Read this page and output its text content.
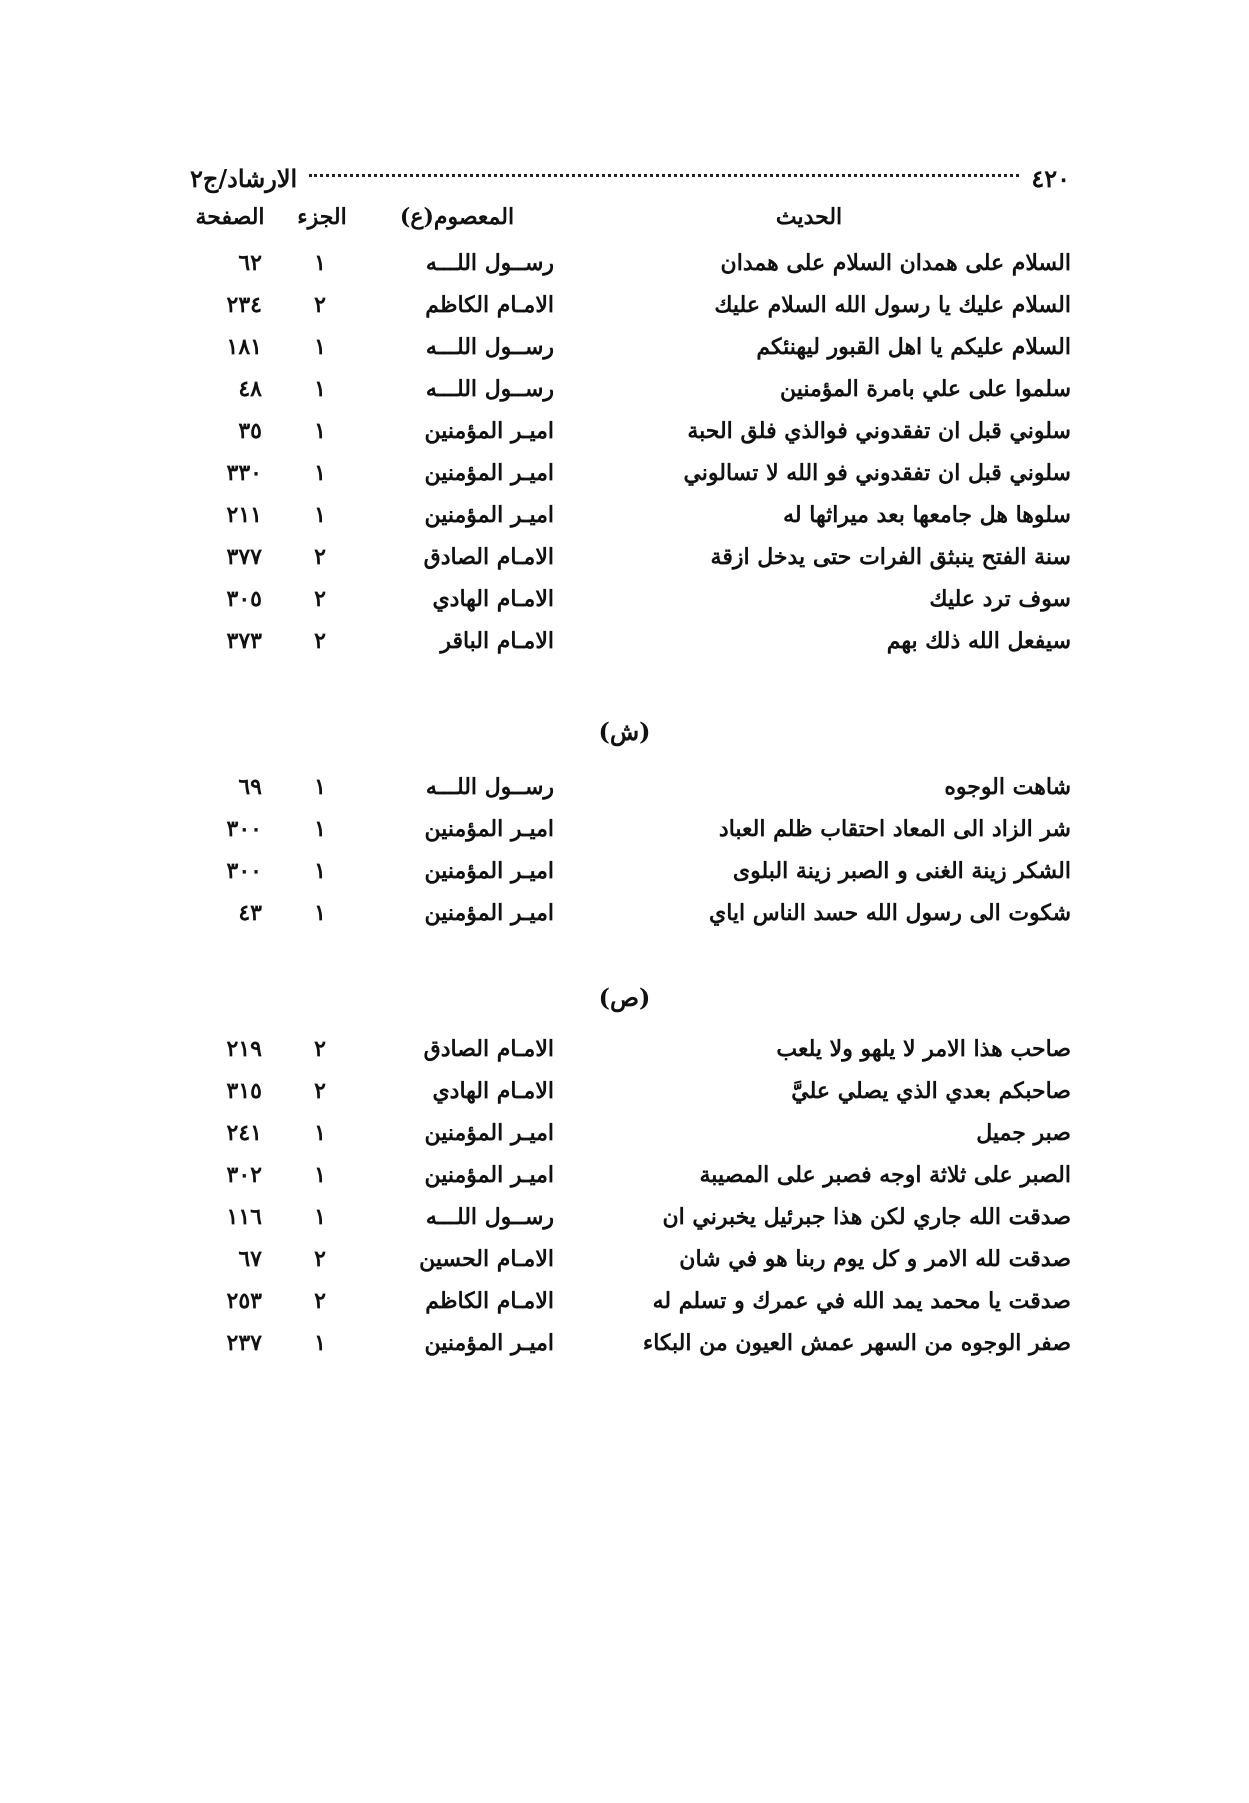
٤٢٠
الارشاد/ج٢
الحديث
المعصوم(ع)
الجزء
الصفحة
السلام على همدان السلام على همدان
رســول اللـــه
١
٦٢
السلام عليك يا رسول الله السلام عليك
الامـام الكاظم
٢
٢٣٤
السلام عليكم يا اهل القبور ليهنئكم
رســول اللـــه
١
١٨١
سلموا على علي بامرة المؤمنين
رســول اللـــه
١
٤٨
سلوني قبل ان تفقدوني فوالذي فلق الحبة
اميـر المؤمنين
١
٣٥
سلوني قبل ان تفقدوني فو الله لا تسالوني
اميـر المؤمنين
١
٣٣٠
سلوها هل جامعها بعد ميراثها له
اميـر المؤمنين
١
٢١١
سنة الفتح ينبثق الفرات حتى يدخل ازقة
الامـام الصادق
٢
٣٧٧
سوف ترد عليك
الامـام الهادي
٢
٣٠٥
سيفعل الله ذلك بهم
الامـام الباقر
٢
٣٧٣
(ش)
شاهت الوجوه
رســول اللـــه
١
٦٩
شر الزاد الى المعاد احتقاب ظلم العباد
اميـر المؤمنين
١
٣٠٠
الشكر زينة الغنى و الصبر زينة البلوى
اميـر المؤمنين
١
٣٠٠
شكوت الى رسول الله حسد الناس اياي
اميـر المؤمنين
١
٤٣
(ص)
صاحب هذا الامر لا يلهو ولا يلعب
الامـام الصادق
٢
٢١٩
صاحبكم بعدي الذي يصلي عليَّ
الامـام الهادي
٢
٣١٥
صبر جميل
اميـر المؤمنين
١
٢٤١
الصبر على ثلاثة اوجه فصبر على المصيبة
اميـر المؤمنين
١
٣٠٢
صدقت الله جاري لكن هذا جبرئيل يخبرني ان
رســول اللـــه
١
١١٦
صدقت لله الامر و كل يوم ربنا هو في شان
الامـام الحسين
٢
٦٧
صدقت يا محمد يمد الله في عمرك و تسلم له
الامـام الكاظم
٢
٢٥٣
صفر الوجوه من السهر عمش العيون من البكاء
اميـر المؤمنين
١
٢٣٧
